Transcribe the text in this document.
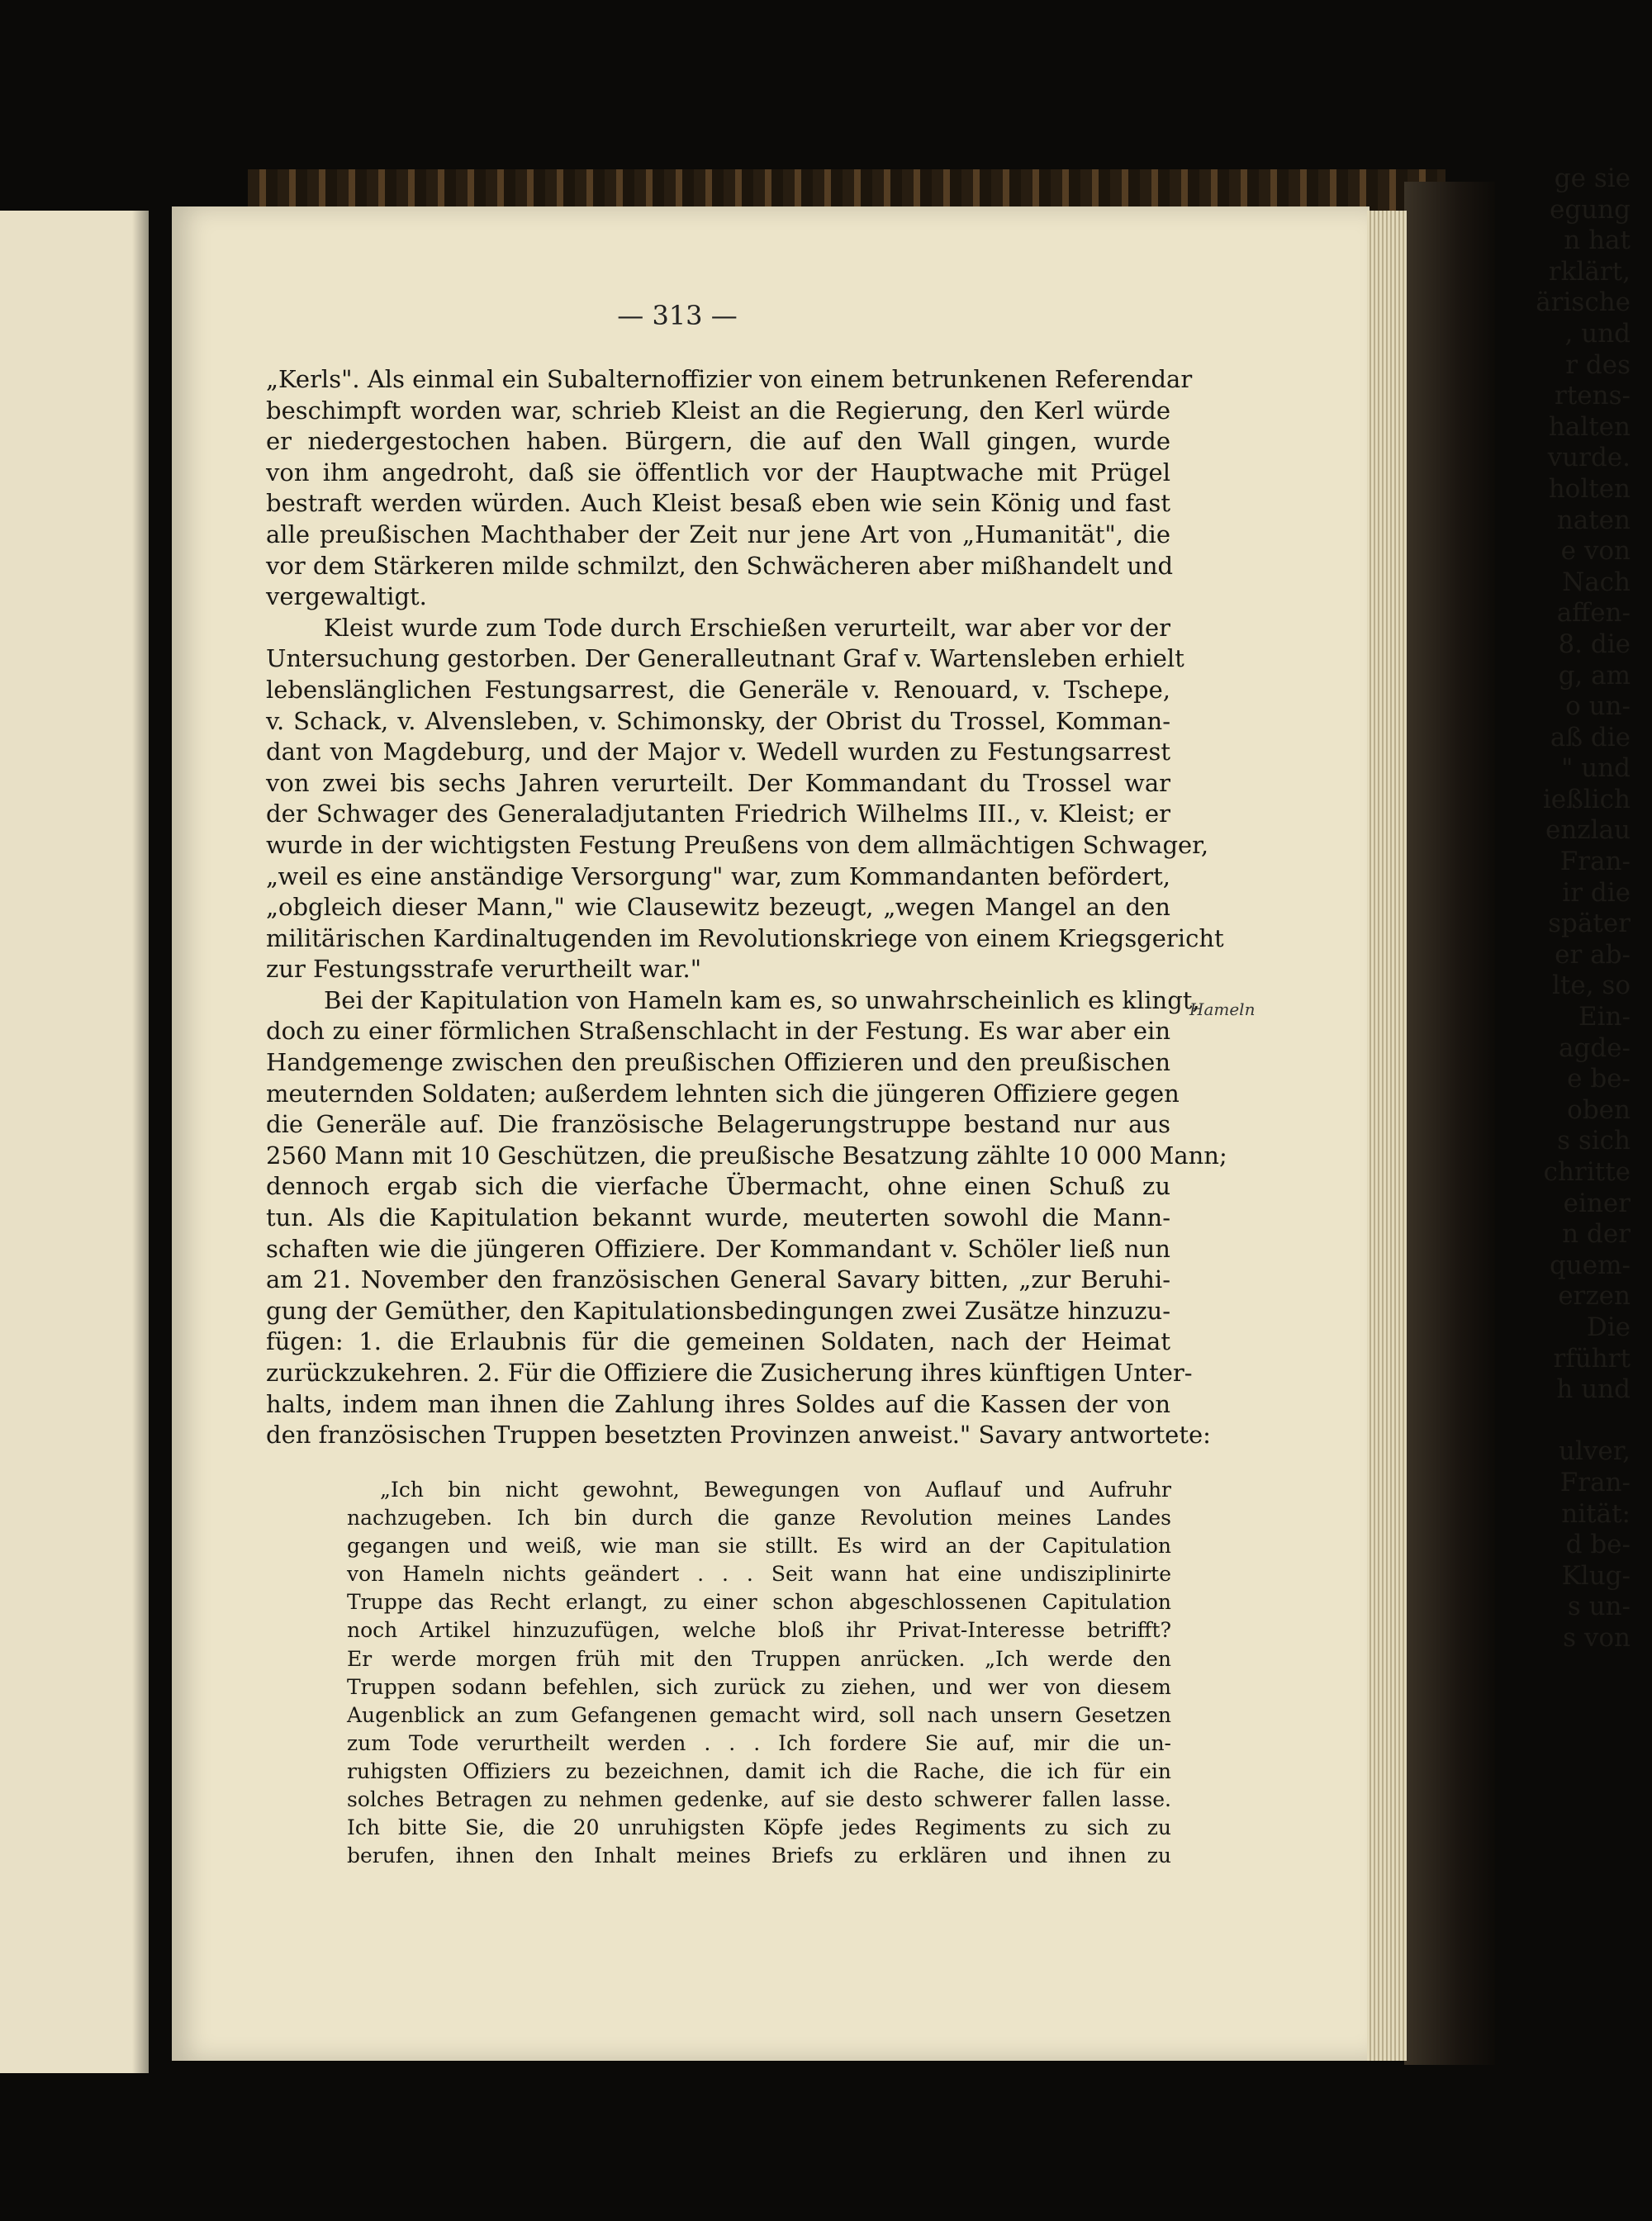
ge sie
egung
n hat
rklärt,
ärische
, und
r des
rtens-
halten
vurde.
holten
naten
e von
Nach
affen-
8. die
g, am
o un-
aß die
" und
ießlich
enzlau
Fran-
ir die
später
er ab-
lte, so
Ein-
agde-
e be-
oben
s sich
chritte
einer
n der
quem-
erzen
Die
rführt
h und
ulver,
Fran-
nität:
d be-
Klug-
s un-
s von
— 313 —
Hameln
„Kerls". Als einmal ein Subalternoffizier von einem betrunkenen Referendar
beschimpft worden war, schrieb Kleist an die Regierung, den Kerl würde
er niedergestochen haben. Bürgern, die auf den Wall gingen, wurde
von ihm angedroht, daß sie öffentlich vor der Hauptwache mit Prügel
bestraft werden würden. Auch Kleist besaß eben wie sein König und fast
alle preußischen Machthaber der Zeit nur jene Art von „Humanität", die
vor dem Stärkeren milde schmilzt, den Schwächeren aber mißhandelt und
vergewaltigt.
Kleist wurde zum Tode durch Erschießen verurteilt, war aber vor der
Untersuchung gestorben. Der Generalleutnant Graf v. Wartensleben erhielt
lebenslänglichen Festungsarrest, die Generäle v. Renouard, v. Tschepe,
v. Schack, v. Alvensleben, v. Schimonsky, der Obrist du Trossel, Komman-
dant von Magdeburg, und der Major v. Wedell wurden zu Festungsarrest
von zwei bis sechs Jahren verurteilt. Der Kommandant du Trossel war
der Schwager des Generaladjutanten Friedrich Wilhelms III., v. Kleist; er
wurde in der wichtigsten Festung Preußens von dem allmächtigen Schwager,
„weil es eine anständige Versorgung" war, zum Kommandanten befördert,
„obgleich dieser Mann," wie Clausewitz bezeugt, „wegen Mangel an den
militärischen Kardinaltugenden im Revolutionskriege von einem Kriegsgericht
zur Festungsstrafe verurtheilt war."
Bei der Kapitulation von Hameln kam es, so unwahrscheinlich es klingt,
doch zu einer förmlichen Straßenschlacht in der Festung. Es war aber ein
Handgemenge zwischen den preußischen Offizieren und den preußischen
meuternden Soldaten; außerdem lehnten sich die jüngeren Offiziere gegen
die Generäle auf. Die französische Belagerungstruppe bestand nur aus
2560 Mann mit 10 Geschützen, die preußische Besatzung zählte 10 000 Mann;
dennoch ergab sich die vierfache Übermacht, ohne einen Schuß zu
tun. Als die Kapitulation bekannt wurde, meuterten sowohl die Mann-
schaften wie die jüngeren Offiziere. Der Kommandant v. Schöler ließ nun
am 21. November den französischen General Savary bitten, „zur Beruhi-
gung der Gemüther, den Kapitulationsbedingungen zwei Zusätze hinzuzu-
fügen: 1. die Erlaubnis für die gemeinen Soldaten, nach der Heimat
zurückzukehren. 2. Für die Offiziere die Zusicherung ihres künftigen Unter-
halts, indem man ihnen die Zahlung ihres Soldes auf die Kassen der von
den französischen Truppen besetzten Provinzen anweist." Savary antwortete:
„Ich bin nicht gewohnt, Bewegungen von Auflauf und Aufruhr
nachzugeben. Ich bin durch die ganze Revolution meines Landes
gegangen und weiß, wie man sie stillt. Es wird an der Capitulation
von Hameln nichts geändert . . . Seit wann hat eine undisziplinirte
Truppe das Recht erlangt, zu einer schon abgeschlossenen Capitulation
noch Artikel hinzuzufügen, welche bloß ihr Privat-Interesse betrifft?
Er werde morgen früh mit den Truppen anrücken. „Ich werde den
Truppen sodann befehlen, sich zurück zu ziehen, und wer von diesem
Augenblick an zum Gefangenen gemacht wird, soll nach unsern Gesetzen
zum Tode verurtheilt werden . . . Ich fordere Sie auf, mir die un-
ruhigsten Offiziers zu bezeichnen, damit ich die Rache, die ich für ein
solches Betragen zu nehmen gedenke, auf sie desto schwerer fallen lasse.
Ich bitte Sie, die 20 unruhigsten Köpfe jedes Regiments zu sich zu
berufen, ihnen den Inhalt meines Briefs zu erklären und ihnen zu
